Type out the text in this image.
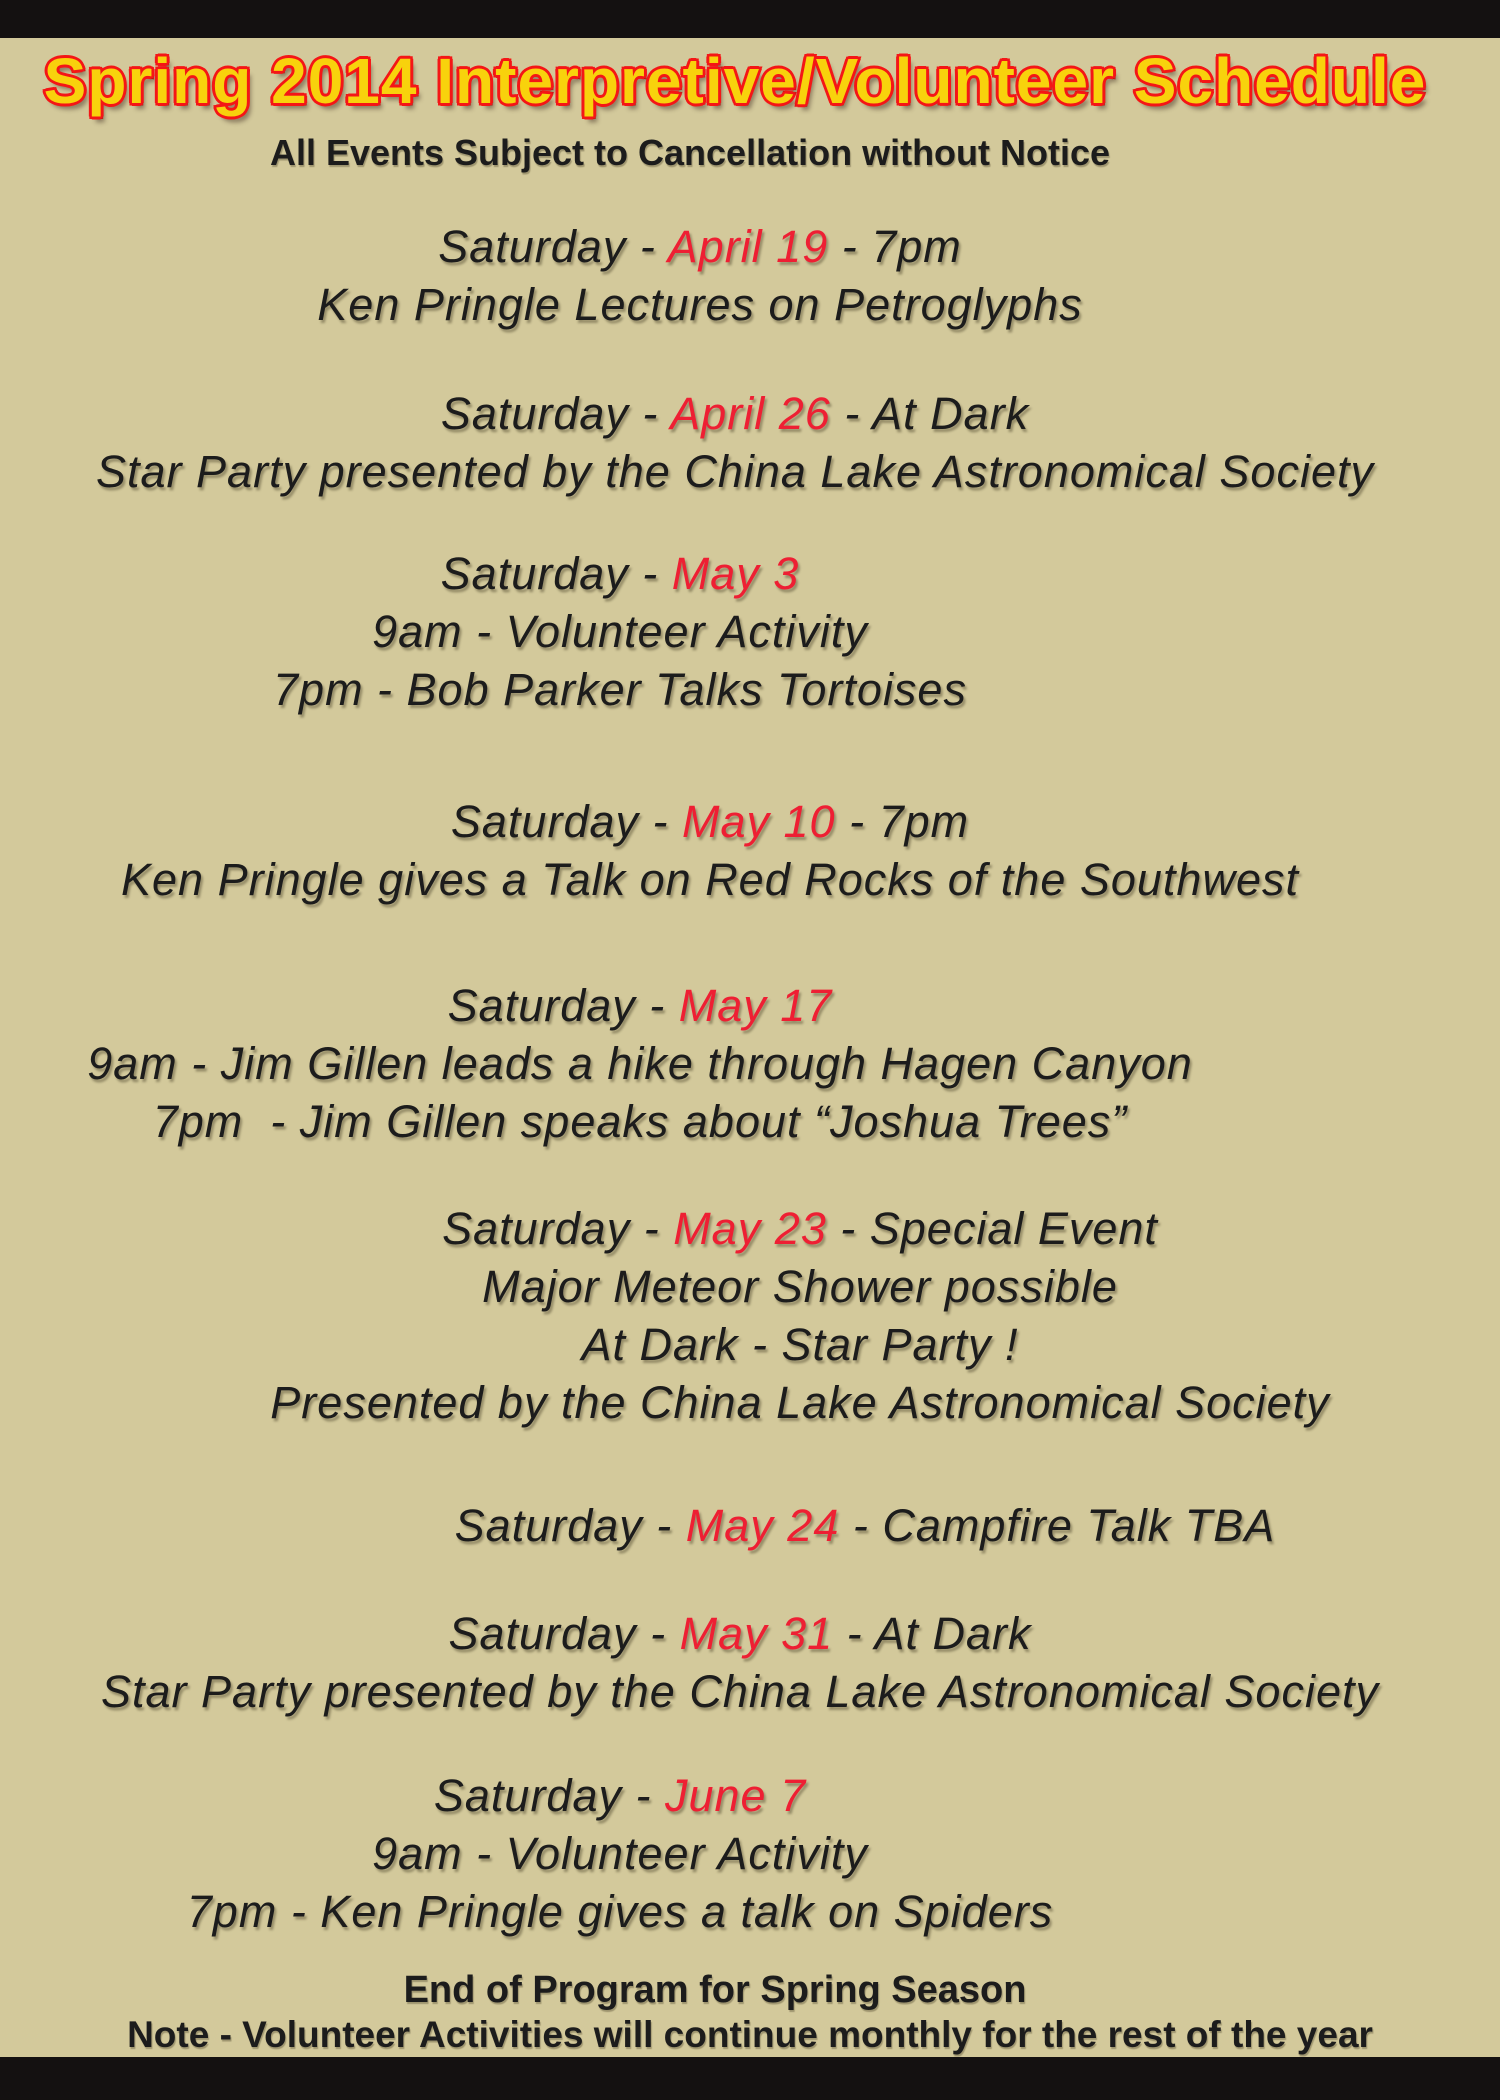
Spring 2014 Interpretive/Volunteer Schedule
All Events Subject to Cancellation without Notice
Saturday - April 19 - 7pm
Ken Pringle Lectures on Petroglyphs
Saturday - April 26 - At Dark
Star Party presented by the China Lake Astronomical Society
Saturday - May 3
9am - Volunteer Activity
7pm - Bob Parker Talks Tortoises
Saturday - May 10 - 7pm
Ken Pringle gives a Talk on Red Rocks of the Southwest
Saturday - May 17
9am - Jim Gillen leads a hike through Hagen Canyon
7pm  - Jim Gillen speaks about “Joshua Trees”
Saturday - May 23 - Special Event
Major Meteor Shower possible
At Dark - Star Party !
Presented by the China Lake Astronomical Society
Saturday - May 24 - Campfire Talk TBA
Saturday - May 31 - At Dark
Star Party presented by the China Lake Astronomical Society
Saturday - June 7
9am - Volunteer Activity
7pm - Ken Pringle gives a talk on Spiders
End of Program for Spring Season
Note - Volunteer Activities will continue monthly for the rest of the year
